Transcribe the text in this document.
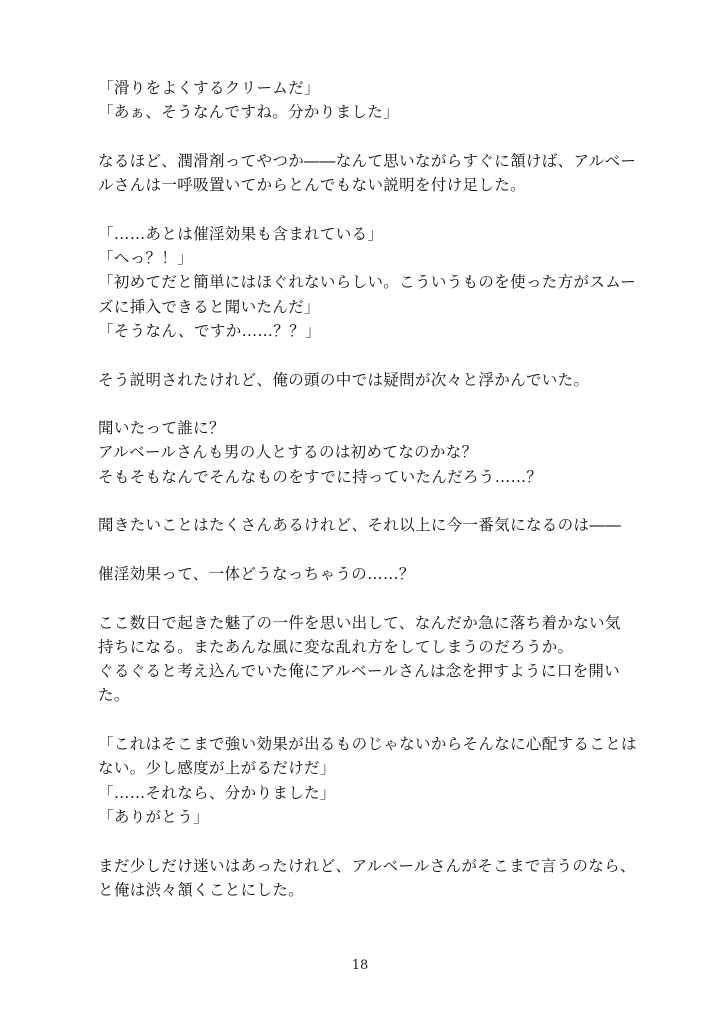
「滑りをよくするクリームだ」
「あぁ、そうなんですね。分かりました」
なるほど、潤滑剤ってやつか――なんて思いながらすぐに頷けば、アルベー
ルさんは一呼吸置いてからとんでもない説明を付け足した。
「……あとは催淫効果も含まれている」
「へっ？！」
「初めてだと簡単にはほぐれないらしい。こういうものを使った方がスムー
ズに挿入できると聞いたんだ」
「そうなん、ですか……？？」
そう説明されたけれど、俺の頭の中では疑問が次々と浮かんでいた。
聞いたって誰に？
アルベールさんも男の人とするのは初めてなのかな？
そもそもなんでそんなものをすでに持っていたんだろう……？
聞きたいことはたくさんあるけれど、それ以上に今一番気になるのは――
催淫効果って、一体どうなっちゃうの……？
ここ数日で起きた魅了の一件を思い出して、なんだか急に落ち着かない気
持ちになる。またあんな風に変な乱れ方をしてしまうのだろうか。
ぐるぐると考え込んでいた俺にアルベールさんは念を押すように口を開い
た。
「これはそこまで強い効果が出るものじゃないからそんなに心配することは
ない。少し感度が上がるだけだ」
「……それなら、分かりました」
「ありがとう」
まだ少しだけ迷いはあったけれど、アルベールさんがそこまで言うのなら、
と俺は渋々頷くことにした。
18
